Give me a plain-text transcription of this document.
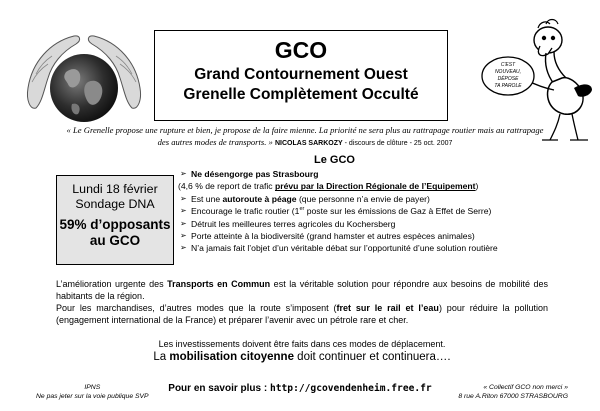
GCO
Grand Contournement Ouest
Grenelle Complètement Occulté
C'EST
NOUVEAU,
DÉPOSE
TA PAROLE
« Le Grenelle propose une rupture et bien, je propose de la faire mienne. La priorité ne sera plus au rattrapage routier mais au rattrapage des autres modes de transports. » NICOLAS SARKOZY - discours de clôture - 25 oct. 2007
Lundi 18 février
Sondage DNA
59% d’opposants
au GCO
Le GCO
➢ Ne désengorge pas Strasbourg
(4,6 % de report de trafic prévu par la Direction Régionale de l’Equipement)
➢ Est une autoroute à péage (que personne n’a envie de payer)
➢ Encourage le trafic routier (1er poste sur les émissions de Gaz à Effet de Serre)
➢ Détruit les meilleures terres agricoles du Kochersberg
➢ Porte atteinte à la biodiversité (grand hamster et autres espèces animales)
➢ N’a jamais fait l’objet d’un véritable débat sur l’opportunité d’une solution routière
L’amélioration urgente des Transports en Commun est la véritable solution pour répondre aux besoins de mobilité des habitants de la région.
Pour les marchandises, d’autres modes que la route s’imposent (fret sur le rail et l’eau) pour réduire la pollution (engagement international de la France) et préparer l’avenir avec un pétrole rare et cher.
Les investissements doivent être faits dans ces modes de déplacement.
La mobilisation citoyenne doit continuer et continuera….
IPNS
Ne pas jeter sur la voie publique SVP
Pour en savoir plus : http://gcovendenheim.free.fr	« Collectif GCO non merci »
8 rue A.Riton 67000 STRASBOURG
